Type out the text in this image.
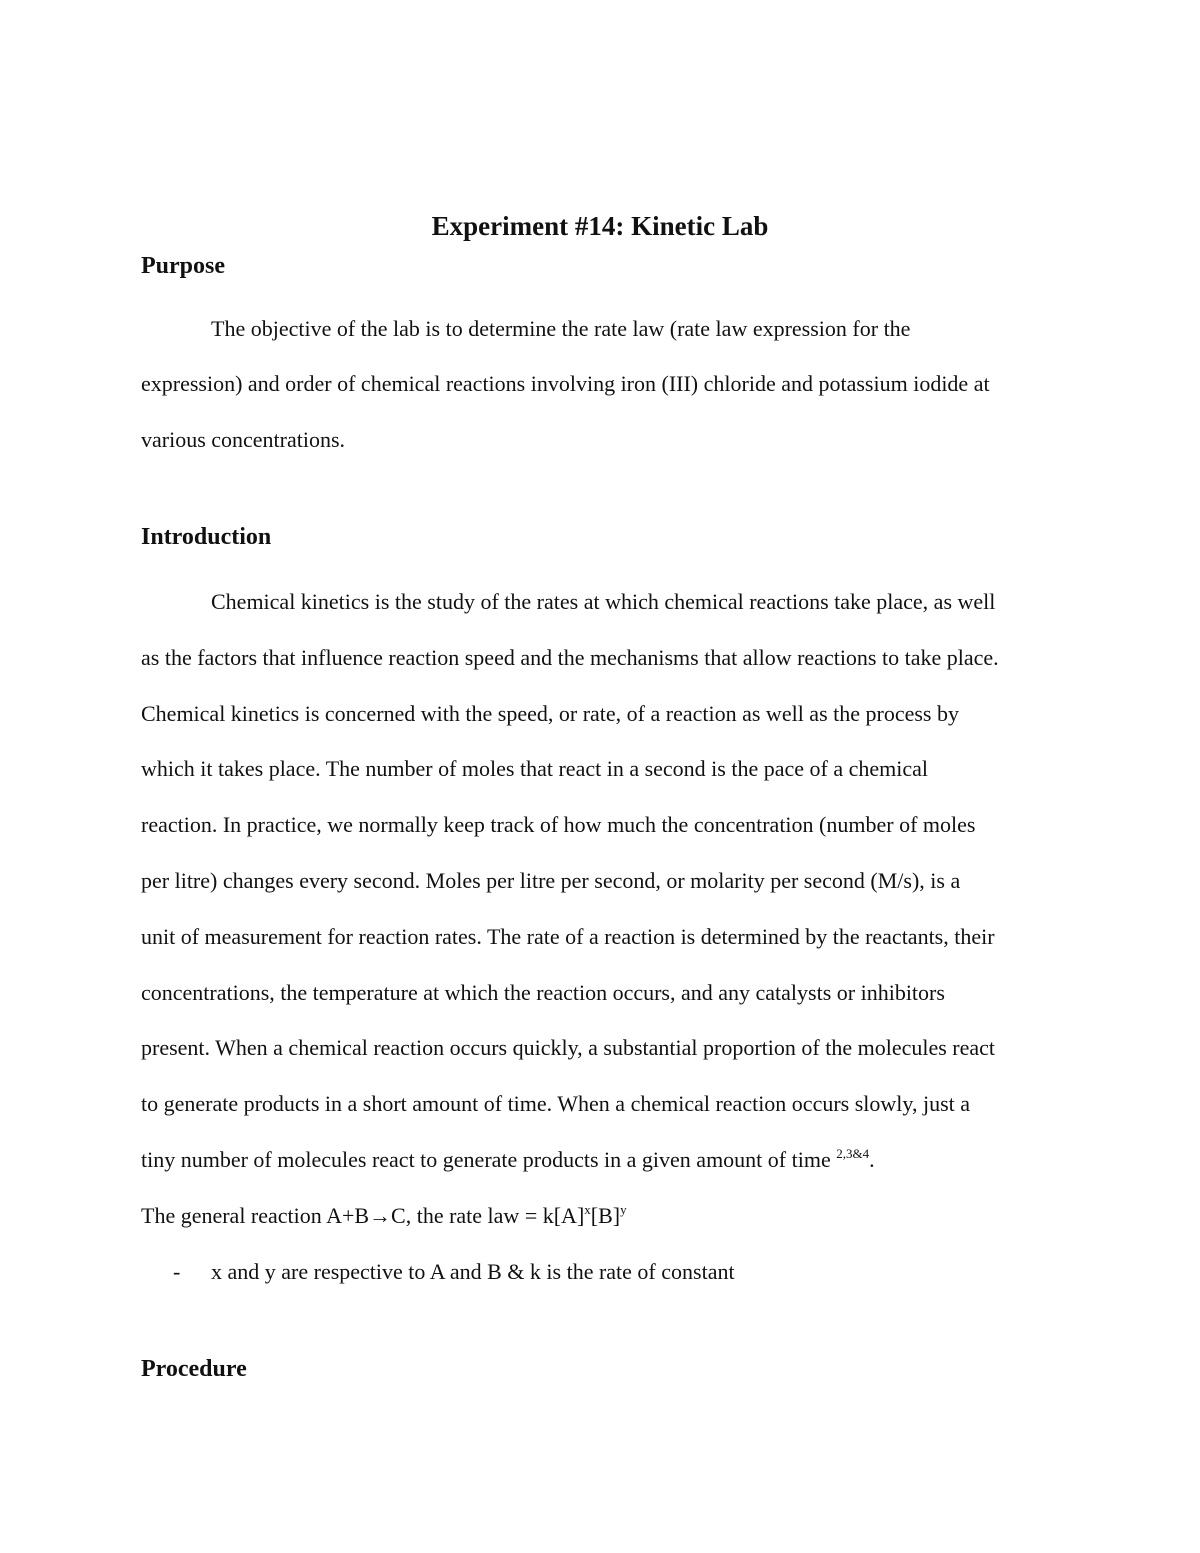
Experiment #14: Kinetic Lab
Purpose
The objective of the lab is to determine the rate law (rate law expression for the
expression) and order of chemical reactions involving iron (III) chloride and potassium iodide at
various concentrations.
Introduction
Chemical kinetics is the study of the rates at which chemical reactions take place, as well
as the factors that influence reaction speed and the mechanisms that allow reactions to take place.
Chemical kinetics is concerned with the speed, or rate, of a reaction as well as the process by
which it takes place. The number of moles that react in a second is the pace of a chemical
reaction. In practice, we normally keep track of how much the concentration (number of moles
per litre) changes every second. Moles per litre per second, or molarity per second (M/s), is a
unit of measurement for reaction rates. The rate of a reaction is determined by the reactants, their
concentrations, the temperature at which the reaction occurs, and any catalysts or inhibitors
present. When a chemical reaction occurs quickly, a substantial proportion of the molecules react
to generate products in a short amount of time. When a chemical reaction occurs slowly, just a
tiny number of molecules react to generate products in a given amount of time $^{2,3\&4}$.
The general reaction A+B→C, the rate law = $k[A]^x[B]^y$
- x and y are respective to A and B & k is the rate of constant
Procedure
